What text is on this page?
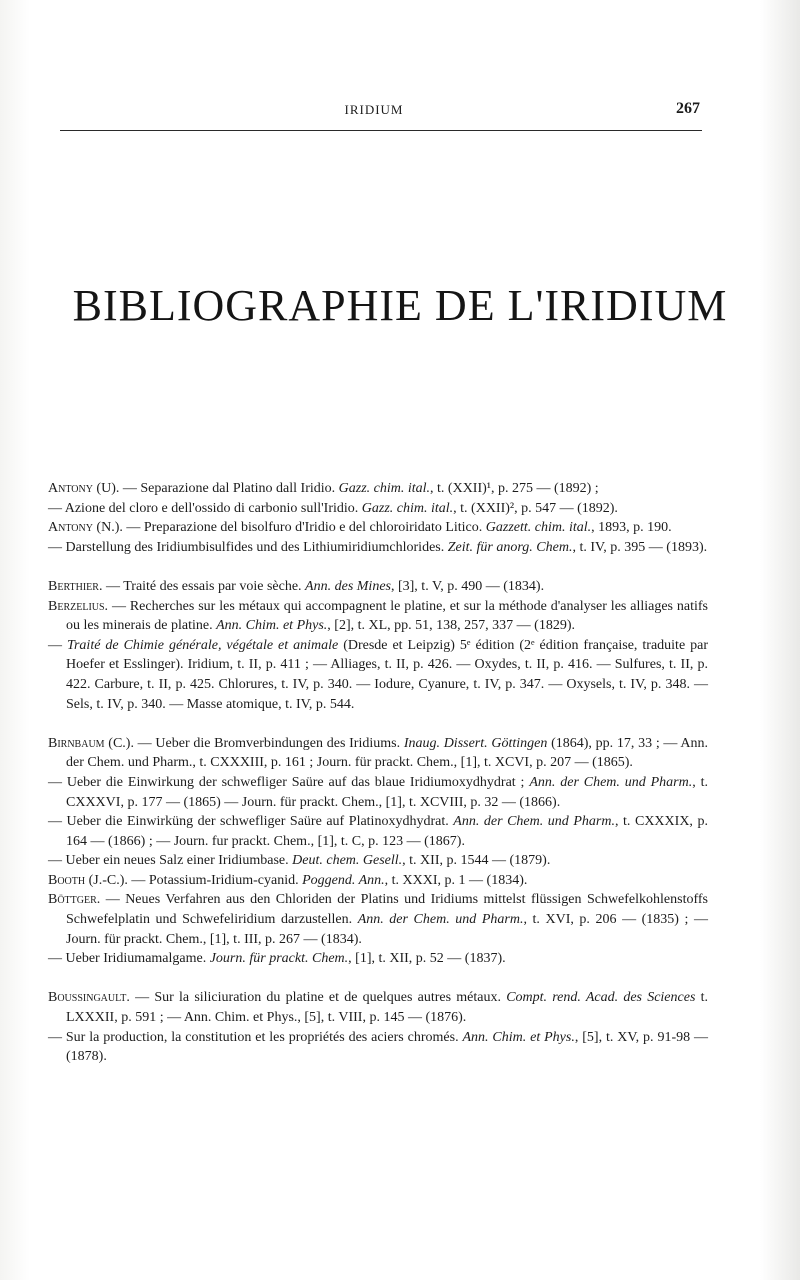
IRIDIUM	267
BIBLIOGRAPHIE DE L'IRIDIUM
Antony (U). — Separazione dal Platino dall Iridio. Gazz. chim. ital., t. (XXII)¹, p. 275 — (1892) ;
— Azione del cloro e dell'ossido di carbonio sull'Iridio. Gazz. chim. ital., t. (XXII)², p. 547 — (1892).
Antony (N.). — Preparazione del bisolfuro d'Iridio e del chloroiridato Litico. Gazzett. chim. ital., 1893, p. 190.
— Darstellung des Iridiumbisulfides und des Lithiumiridiumchlorides. Zeit. für anorg. Chem., t. IV, p. 395 — (1893).
Berthier. — Traité des essais par voie sèche. Ann. des Mines, [3], t. V, p. 490 — (1834).
Berzelius. — Recherches sur les métaux qui accompagnent le platine, et sur la méthode d'analyser les alliages natifs ou les minerais de platine. Ann. Chim. et Phys., [2], t. XL, pp. 51, 138, 257, 337 — (1829).
— Traité de Chimie générale, végétale et animale (Dresde et Leipzig) 5ᵉ édition (2ᵉ édition française, traduite par Hoefer et Esslinger). Iridium, t. II, p. 411 ; — Alliages, t. II, p. 426. — Oxydes, t. II, p. 416. — Sulfures, t. II, p. 422. Carbure, t. II, p. 425. Chlorures, t. IV, p. 340. — Iodure, Cyanure, t. IV, p. 347. — Oxysels, t. IV, p. 348. — Sels, t. IV, p. 340. — Masse atomique, t. IV, p. 544.
Birnbaum (C.). — Ueber die Bromverbindungen des Iridiums. Inaug. Dissert. Göttingen (1864), pp. 17, 33 ; — Ann. der Chem. und Pharm., t. CXXXIII, p. 161 ; Journ. für prackt. Chem., [1], t. XCVI, p. 207 — (1865).
— Ueber die Einwirkung der schwefliger Saüre auf das blaue Iridiumoxydhydrat ; Ann. der Chem. und Pharm., t. CXXXVI, p. 177 — (1865) — Journ. für prackt. Chem., [1], t. XCVIII, p. 32 — (1866).
— Ueber die Einwirküng der schwefliger Saüre auf Platinoxydhydrat. Ann. der Chem. und Pharm., t. CXXXIX, p. 164 — (1866) ; — Journ. fur prackt. Chem., [1], t. C, p. 123 — (1867).
— Ueber ein neues Salz einer Iridiumbase. Deut. chem. Gesell., t. XII, p. 1544 — (1879).
Booth (J.-C.). — Potassium-Iridium-cyanid. Poggend. Ann., t. XXXI, p. 1 — (1834).
Böttger. — Neues Verfahren aus den Chloriden der Platins und Iridiums mittelst flüssigen Schwefelkohlenstoffs Schwefelplatin und Schwefeliridium darzustellen. Ann. der Chem. und Pharm., t. XVI, p. 206 — (1835) ; — Journ. für prackt. Chem., [1], t. III, p. 267 — (1834).
— Ueber Iridiumamalgame. Journ. für prackt. Chem., [1], t. XII, p. 52 — (1837).
Boussingault. — Sur la siliciuration du platine et de quelques autres métaux. Compt. rend. Acad. des Sciences t. LXXXII, p. 591 ; — Ann. Chim. et Phys., [5], t. VIII, p. 145 — (1876).
— Sur la production, la constitution et les propriétés des aciers chromés. Ann. Chim. et Phys., [5], t. XV, p. 91-98 — (1878).
